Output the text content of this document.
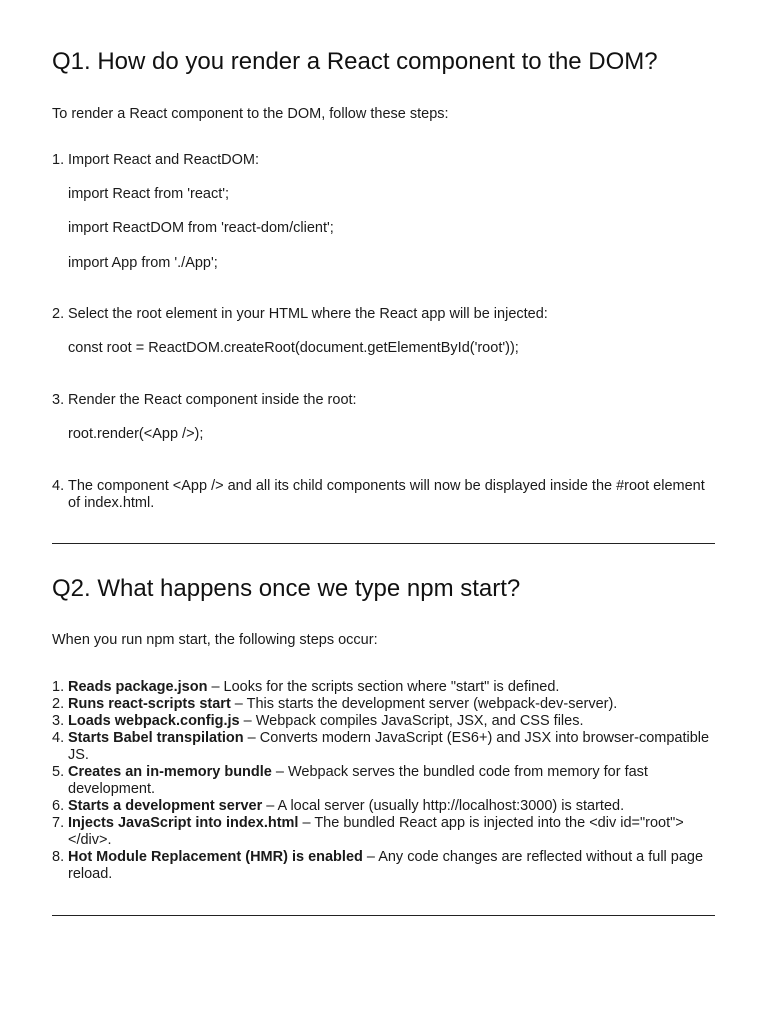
Q1. How do you render a React component to the DOM?

To render a React component to the DOM, follow these steps:

1. Import React and ReactDOM:
import React from 'react';
import ReactDOM from 'react-dom/client';
import App from './App';
2. Select the root element in your HTML where the React app will be injected:
const root = ReactDOM.createRoot(document.getElementById('root'));
3. Render the React component inside the root:
root.render(<App />);
4. The component <App /> and all its child components will now be displayed inside the #root element of index.html.
Q2. What happens once we type npm start?

When you run npm start, the following steps occur:

1. Reads package.json – Looks for the scripts section where "start" is defined.
2. Runs react-scripts start – This starts the development server (webpack-dev-server).
3. Loads webpack.config.js – Webpack compiles JavaScript, JSX, and CSS files.
4. Starts Babel transpilation – Converts modern JavaScript (ES6+) and JSX into browser-compatible JS.
5. Creates an in-memory bundle – Webpack serves the bundled code from memory for fast development.
6. Starts a development server – A local server (usually http://localhost:3000) is started.
7. Injects JavaScript into index.html – The bundled React app is injected into the <div id="root"></div>.
8. Hot Module Replacement (HMR) is enabled – Any code changes are reflected without a full page reload.
